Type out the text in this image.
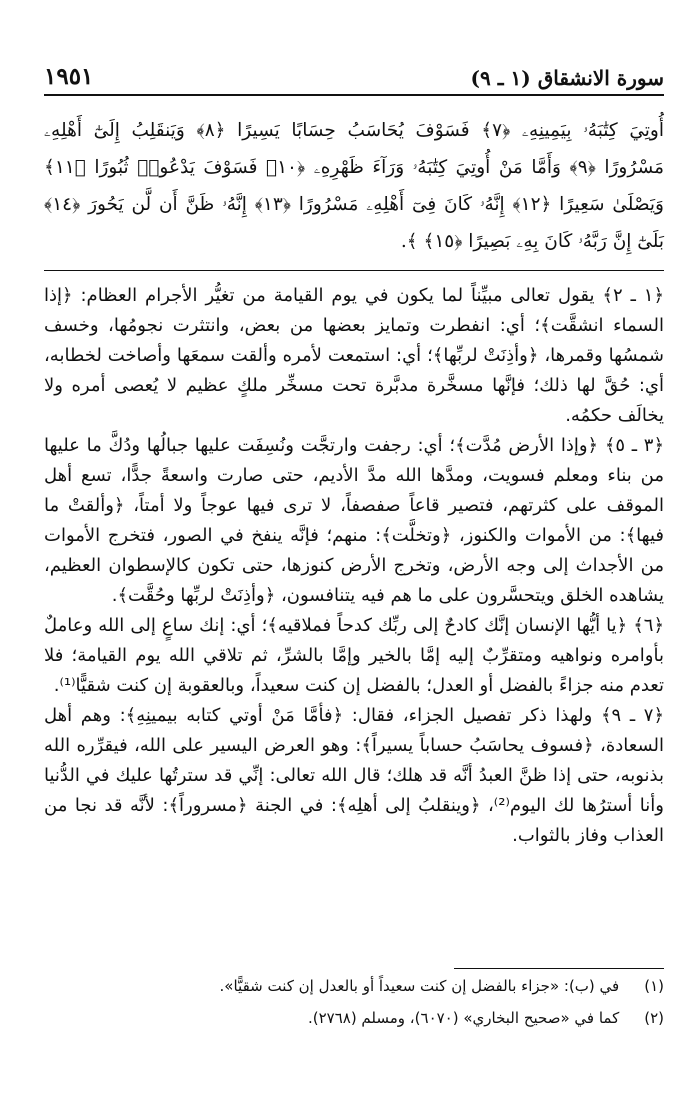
سورة الانشقاق (١ ـ ٩)
١٩٥١
أُوتِيَ كِتَٰبَهُۥ بِيَمِينِهِۦ ﴿٧﴾ فَسَوْفَ يُحَاسَبُ حِسَابًا يَسِيرًا ﴿٨﴾ وَيَنقَلِبُ إِلَىٰٓ أَهْلِهِۦ مَسْرُورًا ﴿٩﴾ وَأَمَّا مَنْ أُوتِيَ كِتَٰبَهُۥ وَرَآءَ ظَهْرِهِۦ ﴿١٠﴾ فَسَوْفَ يَدْعُوا۟ ثُبُورًا ﴿١١﴾ وَيَصْلَىٰ سَعِيرًا ﴿١٢﴾ إِنَّهُۥ كَانَ فِىٓ أَهْلِهِۦ مَسْرُورًا ﴿١٣﴾ إِنَّهُۥ ظَنَّ أَن لَّن يَحُورَ ﴿١٤﴾ بَلَىٰٓ إِنَّ رَبَّهُۥ كَانَ بِهِۦ بَصِيرًا ﴿١٥﴾ ﴾.

﴿١ ـ ٢﴾ يقول تعالى مبيِّناً لما يكون في يوم القيامة من تغيُّر الأجرام العظام: ﴿إذا السماء انشقَّت﴾؛ أي: انفطرت وتمايز بعضها من بعض، وانتثرت نجومُها، وخسف شمسُها وقمرها، ﴿وأذِنَتْ لربِّها﴾؛ أي: استمعت لأمره وألقت سمعَها وأصاخت لخطابه، أي: حُقَّ لها ذلك؛ فإنَّها مسخَّرة مدبَّرة تحت مسخِّر ملكٍ عظيم لا يُعصى أمره ولا يخالَف حكمُه.

﴿٣ ـ ٥﴾ ﴿وإذا الأرض مُدَّت﴾؛ أي: رجفت وارتجَّت ونُسِفَت عليها جبالُها ودُكَّ ما عليها من بناء ومعلم فسويت، ومدَّها الله مدَّ الأديم، حتى صارت واسعةً جدًّا، تسع أهل الموقف على كثرتهم، فتصير قاعاً صفصفاً، لا ترى فيها عوجاً ولا أمتاً، ﴿وألقتْ ما فيها﴾: من الأموات والكنوز، ﴿وتخلَّت﴾: منهم؛ فإنَّه ينفخ في الصور، فتخرج الأموات من الأجداث إلى وجه الأرض، وتخرج الأرض كنوزها، حتى تكون كالإسطوان العظيم، يشاهده الخلق ويتحسَّرون على ما هم فيه يتنافسون، ﴿وأذِنَتْ لربِّها وحُقَّت﴾.

﴿٦﴾ ﴿يا أيُّها الإنسان إنَّك كادحٌ إلى ربِّك كدحاً فملاقيه﴾؛ أي: إنك ساعٍ إلى الله وعاملٌ بأوامره ونواهيه ومتقرِّبٌ إليه إمَّا بالخير وإمَّا بالشرِّ، ثم تلاقي الله يوم القيامة؛ فلا تعدم منه جزاءً بالفضل أو العدل؛ بالفضل إن كنت سعيداً، وبالعقوبة إن كنت شقيًّا⁽¹⁾.

﴿٧ ـ ٩﴾ ولهذا ذكر تفصيل الجزاء، فقال: ﴿فأمَّا مَنْ أوتي كتابه بيمينِهِ﴾: وهم أهل السعادة، ﴿فسوف يحاسَبُ حساباً يسيراً﴾: وهو العرض اليسير على الله، فيقرِّره الله بذنوبه، حتى إذا ظنَّ العبدُ أنَّه قد هلك؛ قال الله تعالى: إنِّي قد سترتُها عليك في الدُّنيا وأنا أسترُها لك اليوم⁽²⁾، ﴿وينقلبُ إلى أهلِه﴾: في الجنة ﴿مسروراً﴾: لأنَّه قد نجا من العذاب وفاز بالثواب.

(١) في (ب): «جزاء بالفضل إن كنت سعيداً أو بالعدل إن كنت شقيًّا».
(٢) كما في «صحيح البخاري» (٦٠٧٠)، ومسلم (٢٧٦٨).
